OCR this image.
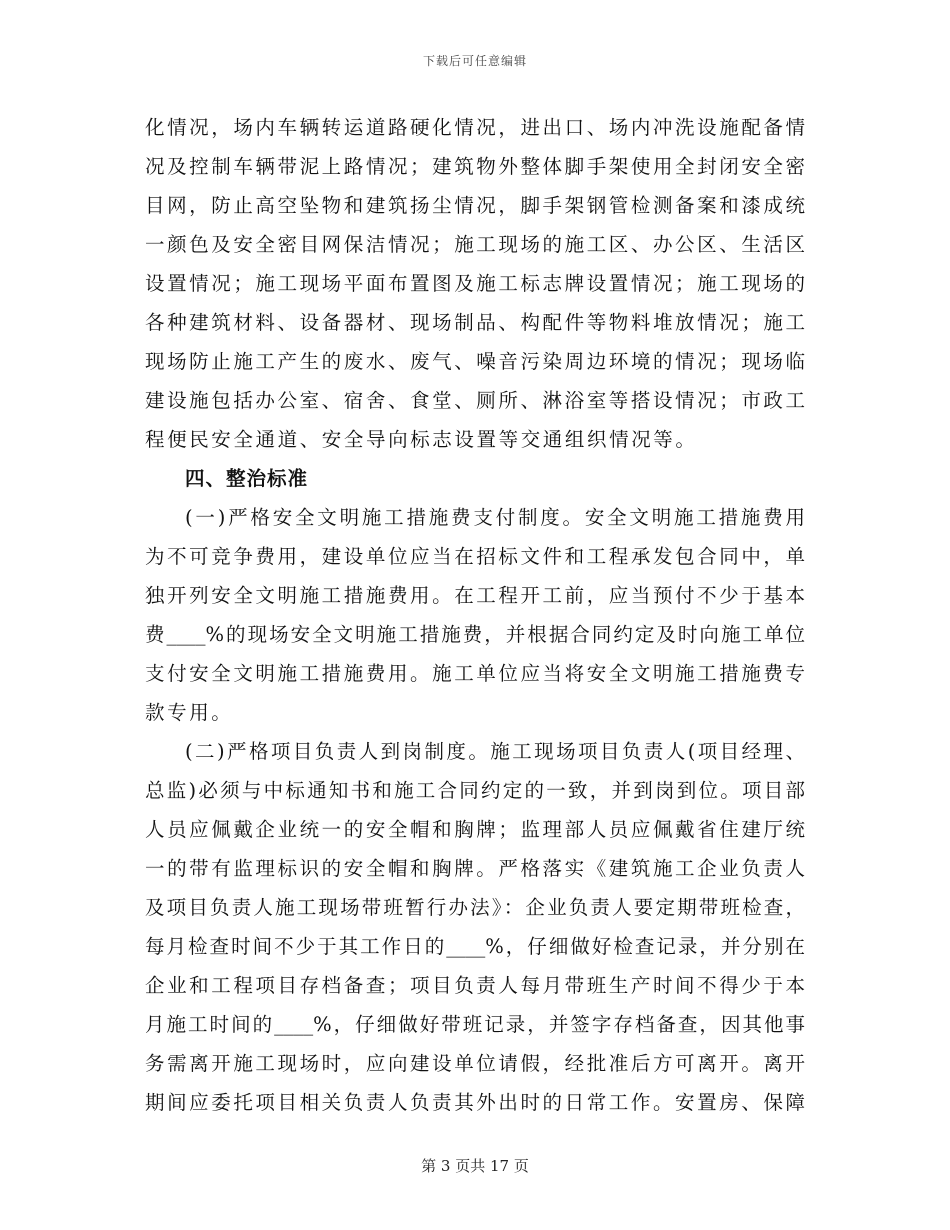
下载后可任意编辑
化情况，场内车辆转运道路硬化情况，进出口、场内冲洗设施配备情
况及控制车辆带泥上路情况；建筑物外整体脚手架使用全封闭安全密
目网，防止高空坠物和建筑扬尘情况，脚手架钢管检测备案和漆成统
一颜色及安全密目网保洁情况；施工现场的施工区、办公区、生活区
设置情况；施工现场平面布置图及施工标志牌设置情况；施工现场的
各种建筑材料、设备器材、现场制品、构配件等物料堆放情况；施工
现场防止施工产生的废水、废气、噪音污染周边环境的情况；现场临
建设施包括办公室、宿舍、食堂、厕所、淋浴室等搭设情况；市政工
程便民安全通道、安全导向标志设置等交通组织情况等。
四、整治标准
(一)严格安全文明施工措施费支付制度。安全文明施工措施费用
为不可竞争费用，建设单位应当在招标文件和工程承发包合同中，单
独开列安全文明施工措施费用。在工程开工前，应当预付不少于基本
费____%的现场安全文明施工措施费，并根据合同约定及时向施工单位
支付安全文明施工措施费用。施工单位应当将安全文明施工措施费专
款专用。
(二)严格项目负责人到岗制度。施工现场项目负责人(项目经理、
总监)必须与中标通知书和施工合同约定的一致，并到岗到位。项目部
人员应佩戴企业统一的安全帽和胸牌；监理部人员应佩戴省住建厅统
一的带有监理标识的安全帽和胸牌。严格落实《建筑施工企业负责人
及项目负责人施工现场带班暂行办法》：企业负责人要定期带班检查，
每月检查时间不少于其工作日的____%，仔细做好检查记录，并分别在
企业和工程项目存档备查；项目负责人每月带班生产时间不得少于本
月施工时间的____%，仔细做好带班记录，并签字存档备查，因其他事
务需离开施工现场时，应向建设单位请假，经批准后方可离开。离开
期间应委托项目相关负责人负责其外出时的日常工作。安置房、保障
第 3 页共 17 页
